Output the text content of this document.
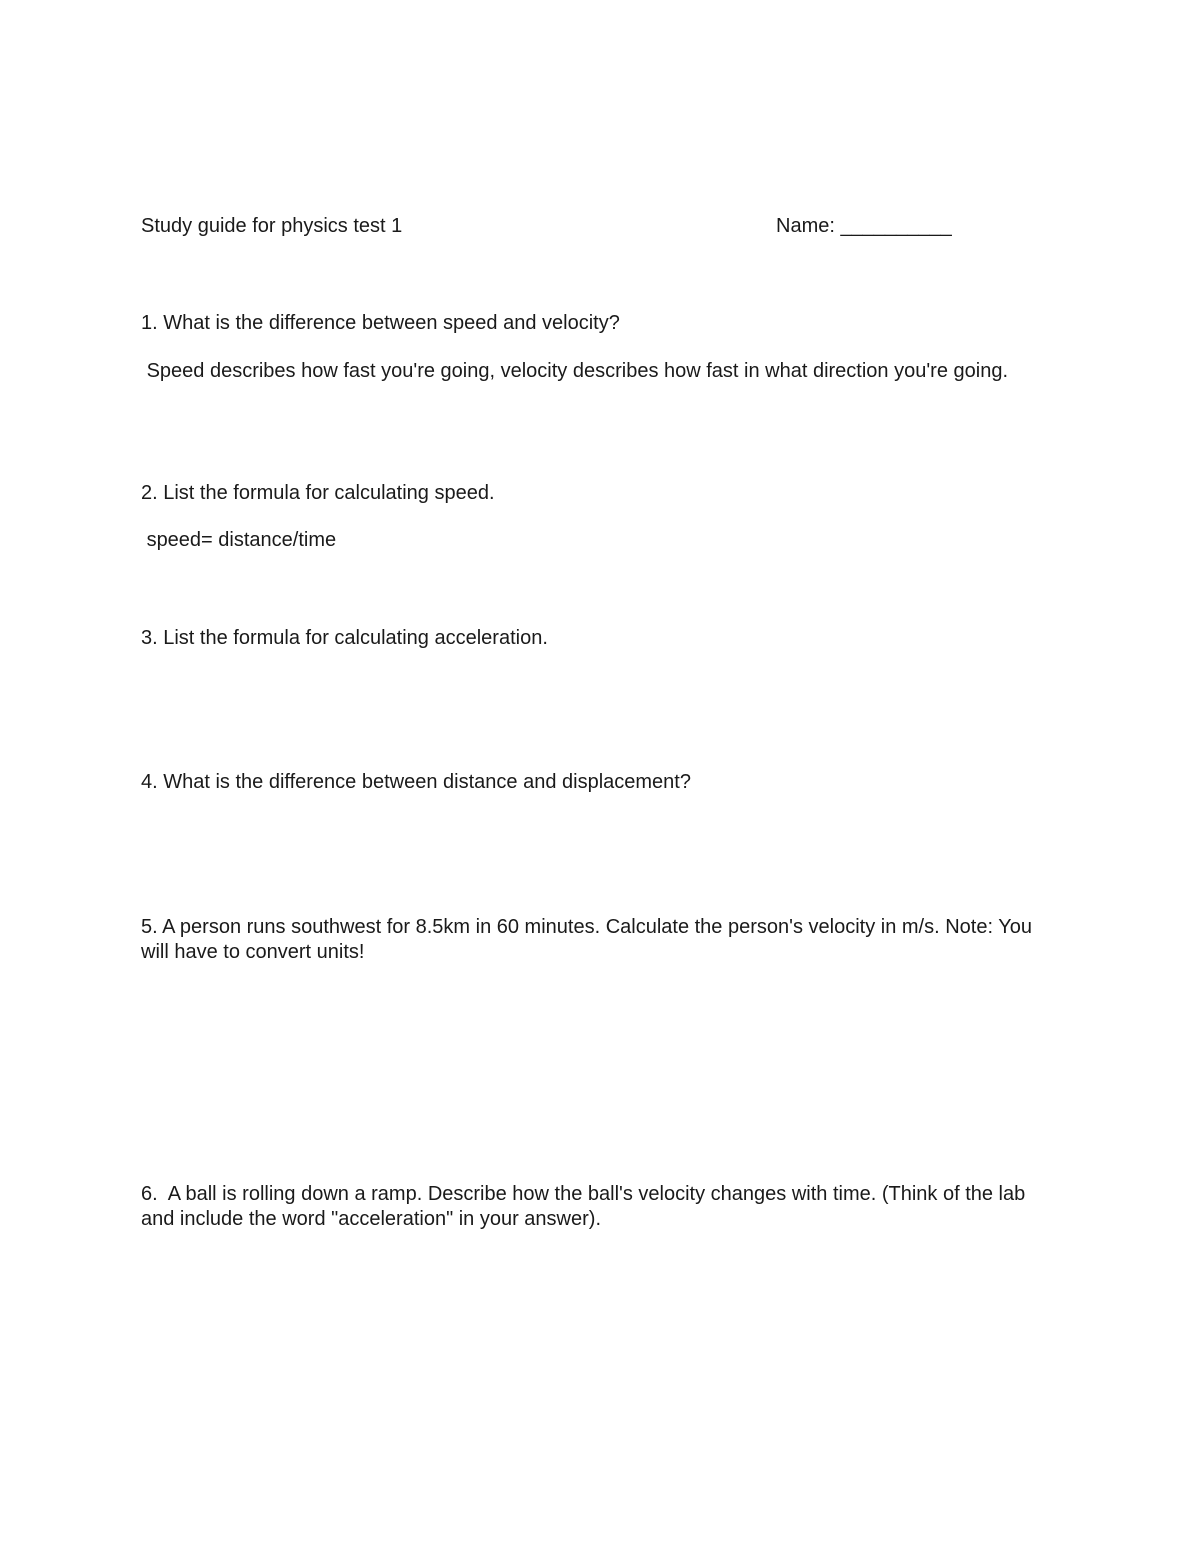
Study guide for physics test 1	Name: __________

1. What is the difference between speed and velocity?

Speed describes how fast you're going, velocity describes how fast in what direction you're going.

2. List the formula for calculating speed.

speed= distance/time

3. List the formula for calculating acceleration.

4. What is the difference between distance and displacement?

5. A person runs southwest for 8.5km in 60 minutes. Calculate the person's velocity in m/s. Note: You will have to convert units!

6.  A ball is rolling down a ramp. Describe how the ball's velocity changes with time. (Think of the lab and include the word "acceleration" in your answer).
